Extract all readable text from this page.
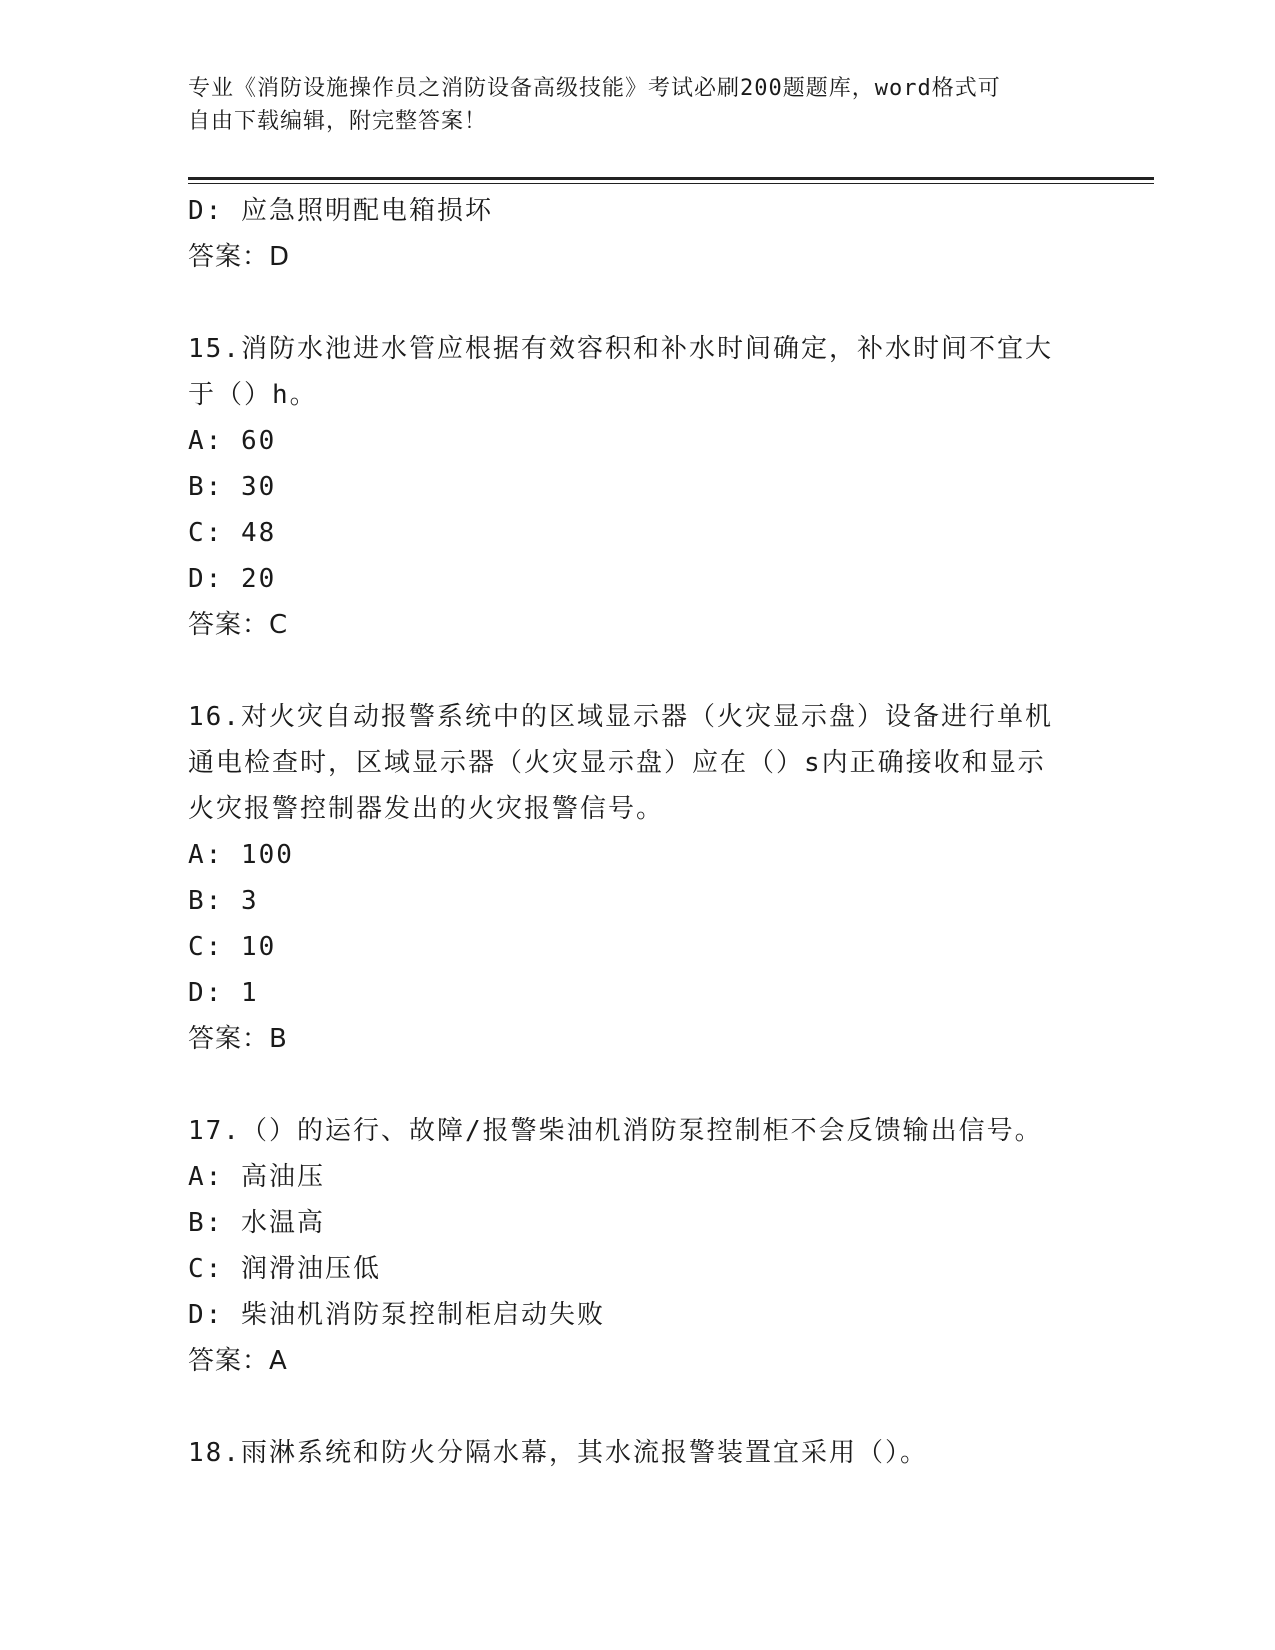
专业《消防设施操作员之消防设备高级技能》考试必刷200题题库，word格式可
自由下载编辑，附完整答案！
D: 应急照明配电箱损坏
答案：D
15.消防水池进水管应根据有效容积和补水时间确定，补水时间不宜大
于（）h。
A: 60
B: 30
C: 48
D: 20
答案：C
16.对火灾自动报警系统中的区域显示器（火灾显示盘）设备进行单机
通电检查时，区域显示器（火灾显示盘）应在（）s内正确接收和显示
火灾报警控制器发出的火灾报警信号。
A: 100
B: 3
C: 10
D: 1
答案：B
17.（）的运行、故障/报警柴油机消防泵控制柜不会反馈输出信号。
A: 高油压
B: 水温高
C: 润滑油压低
D: 柴油机消防泵控制柜启动失败
答案：A
18.雨淋系统和防火分隔水幕，其水流报警装置宜采用（）。
